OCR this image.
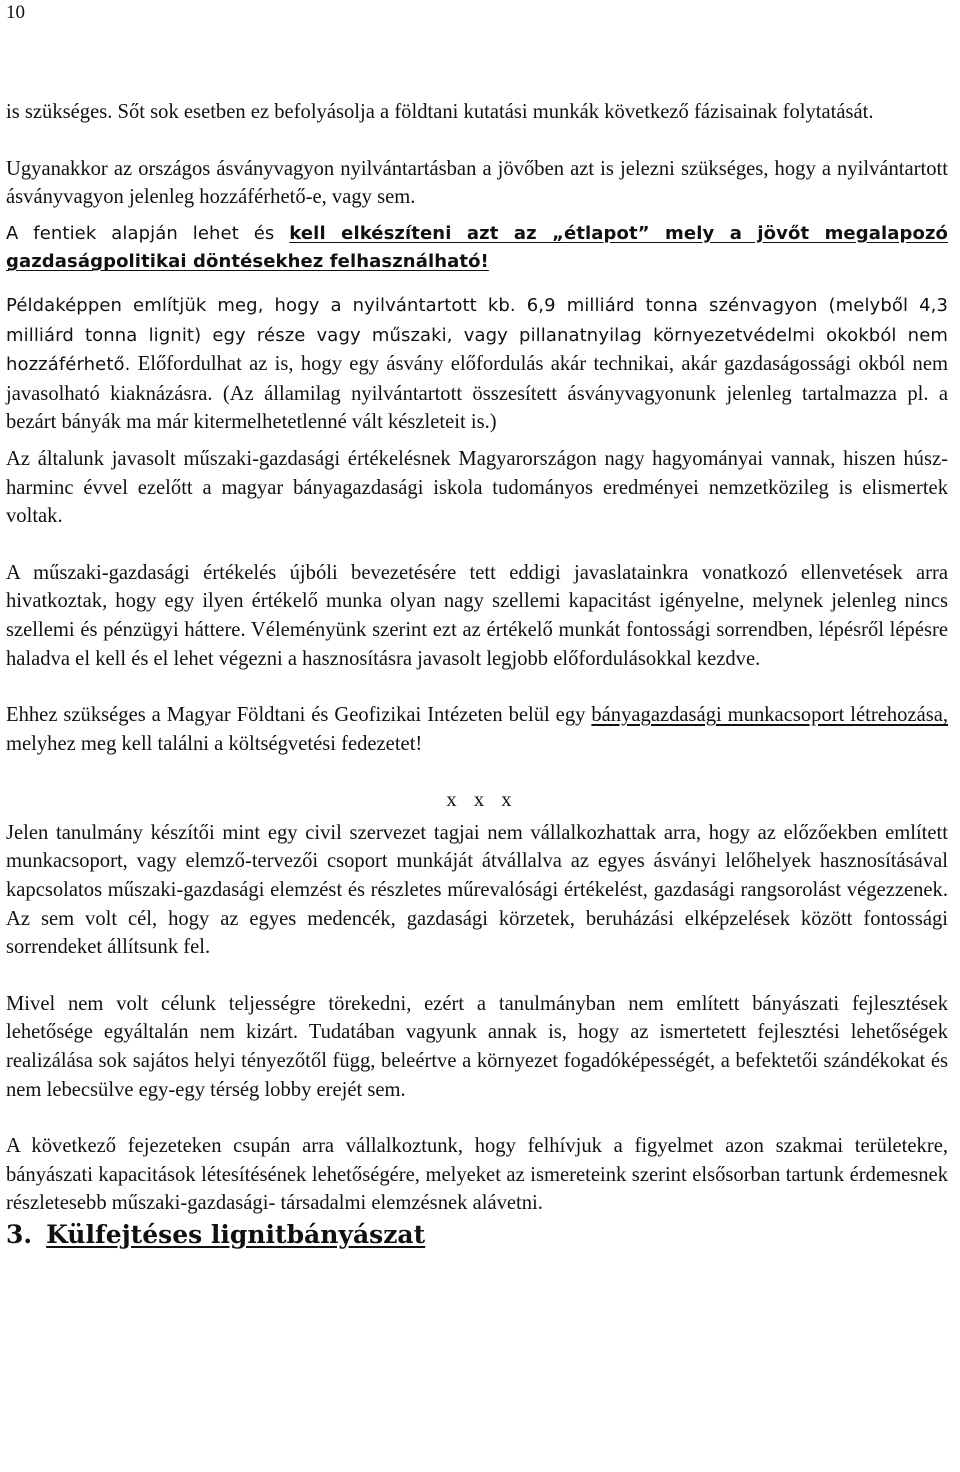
10

is szükséges. Sőt sok esetben ez befolyásolja a földtani kutatási munkák következő fázisainak folytatását.

Ugyanakkor az országos ásványvagyon nyilvántartásban a jövőben azt is jelezni szükséges, hogy a nyilvántartott ásványvagyon jelenleg hozzáférhető-e, vagy sem.

A fentiek alapján lehet és kell elkészíteni azt az „étlapot” mely a jövőt megalapozó gazdaságpolitikai döntésekhez felhasználható!

Példaképpen említjük meg, hogy a nyilvántartott kb. 6,9 milliárd tonna szénvagyon (melyből 4,3 milliárd tonna lignit) egy része vagy műszaki, vagy pillanatnyilag környezetvédelmi okokból nem hozzáférhető. Előfordulhat az is, hogy egy ásvány előfordulás akár technikai, akár gazdaságossági okból nem javasolható kiaknázásra. (Az államilag nyilvántartott összesített ásványvagyonunk jelenleg tartalmazza pl. a bezárt bányák ma már kitermelhetetlenné vált készleteit is.)

Az általunk javasolt műszaki-gazdasági értékelésnek Magyarországon nagy hagyományai vannak, hiszen húsz-harminc évvel ezelőtt a magyar bányagazdasági iskola tudományos eredményei nemzetközileg is elismertek voltak.

A műszaki-gazdasági értékelés újbóli bevezetésére tett eddigi javaslatainkra vonatkozó ellenvetések arra hivatkoztak, hogy egy ilyen értékelő munka olyan nagy szellemi kapacitást igényelne, melynek jelenleg nincs szellemi és pénzügyi háttere. Véleményünk szerint ezt az értékelő munkát fontossági sorrendben, lépésről lépésre haladva el kell és el lehet végezni a hasznosításra javasolt legjobb előfordulásokkal kezdve.

Ehhez szükséges a Magyar Földtani és Geofizikai Intézeten belül egy bányagazdasági munkacsoport létrehozása, melyhez meg kell találni a költségvetési fedezetet!

x x x

Jelen tanulmány készítői mint egy civil szervezet tagjai nem vállalkozhattak arra, hogy az előzőekben említett munkacsoport, vagy elemző-tervezői csoport munkáját átvállalva az egyes ásványi lelőhelyek hasznosításával kapcsolatos műszaki-gazdasági elemzést és részletes műrevalósági értékelést, gazdasági rangsorolást végezzenek. Az sem volt cél, hogy az egyes medencék, gazdasági körzetek, beruházási elképzelések között fontossági sorrendeket állítsunk fel.

Mivel nem volt célunk teljességre törekedni, ezért a tanulmányban nem említett bányászati fejlesztések lehetősége egyáltalán nem kizárt. Tudatában vagyunk annak is, hogy az ismertetett fejlesztési lehetőségek realizálása sok sajátos helyi tényezőtől függ, beleértve a környezet fogadóképességét, a befektetői szándékokat és nem lebecsülve egy-egy térség lobby erejét sem.

A következő fejezeteken csupán arra vállalkoztunk, hogy felhívjuk a figyelmet azon szakmai területekre, bányászati kapacitások létesítésének lehetőségére, melyeket az ismereteink szerint elsősorban tartunk érdemesnek részletesebb műszaki-gazdasági- társadalmi elemzésnek alávetni.

3. Külfejtéses lignitbányászat
